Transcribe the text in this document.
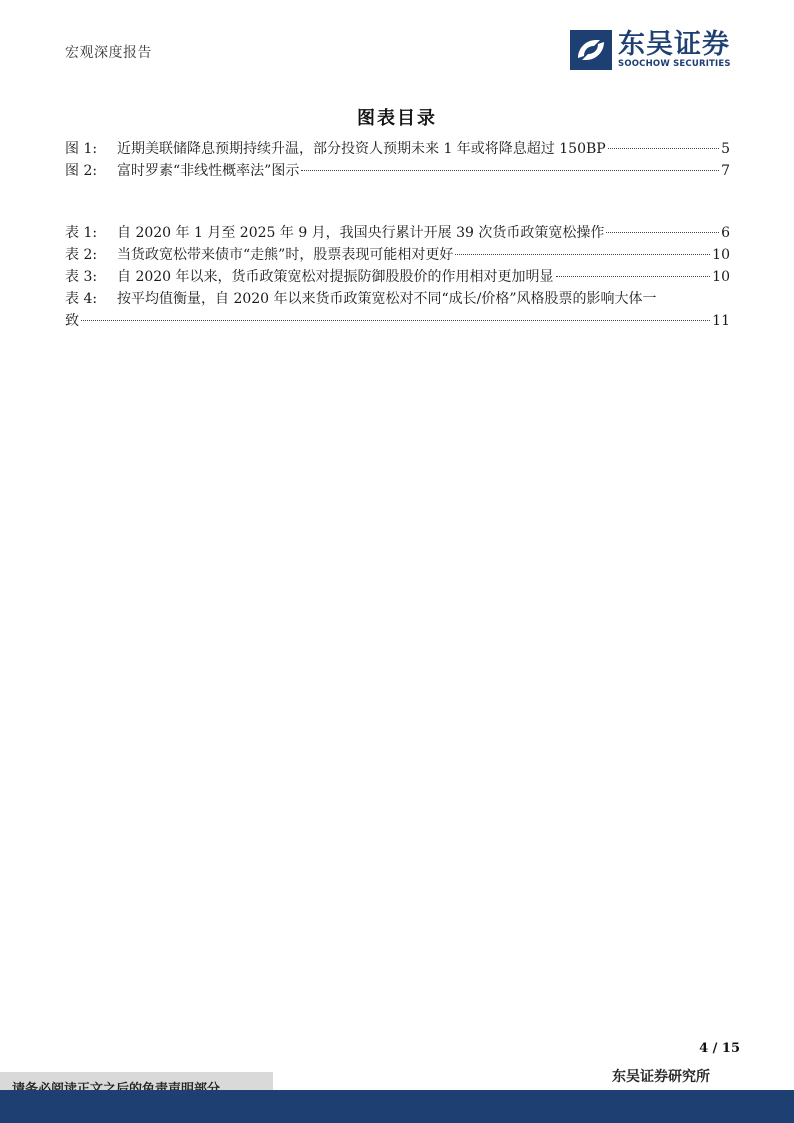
宏观深度报告	东吴证券
SOOCHOW SECURITIES
图表目录
图 1:	近期美联储降息预期持续升温，部分投资人预期未来 1 年或将降息超过 150BP	5
图 2:	富时罗素“非线性概率法”图示	7
表 1:	自 2020 年 1 月至 2025 年 9 月，我国央行累计开展 39 次货币政策宽松操作	6
表 2:	当货政宽松带来债市“走熊”时，股票表现可能相对更好	10
表 3:	自 2020 年以来，货币政策宽松对提振防御股股价的作用相对更加明显	10
表 4:	按平均值衡量，自 2020 年以来货币政策宽松对不同“成长/价格”风格股票的影响大体一
致	11
4 / 15
东吴证券研究所
